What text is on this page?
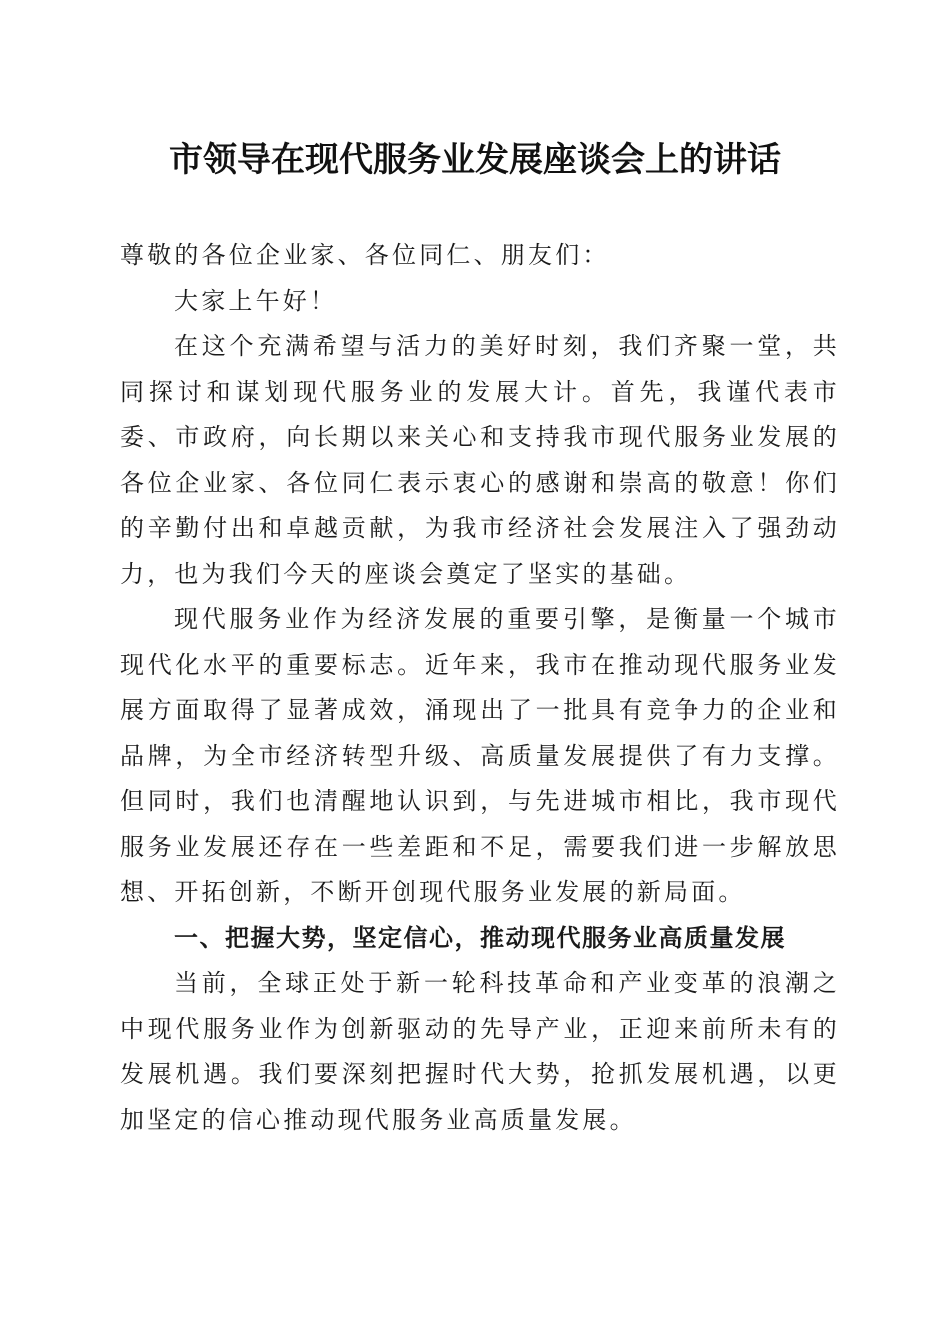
市领导在现代服务业发展座谈会上的讲话

尊敬的各位企业家、各位同仁、朋友们：

大家上午好！

在这个充满希望与活力的美好时刻，我们齐聚一堂，共同探讨和谋划现代服务业的发展大计。首先，我谨代表市委、市政府，向长期以来关心和支持我市现代服务业发展的各位企业家、各位同仁表示衷心的感谢和崇高的敬意！你们的辛勤付出和卓越贡献，为我市经济社会发展注入了强劲动力，也为我们今天的座谈会奠定了坚实的基础。

现代服务业作为经济发展的重要引擎，是衡量一个城市现代化水平的重要标志。近年来，我市在推动现代服务业发展方面取得了显著成效，涌现出了一批具有竞争力的企业和品牌，为全市经济转型升级、高质量发展提供了有力支撑。但同时，我们也清醒地认识到，与先进城市相比，我市现代服务业发展还存在一些差距和不足，需要我们进一步解放思想、开拓创新，不断开创现代服务业发展的新局面。

一、把握大势，坚定信心，推动现代服务业高质量发展

当前，全球正处于新一轮科技革命和产业变革的浪潮之中现代服务业作为创新驱动的先导产业，正迎来前所未有的发展机遇。我们要深刻把握时代大势，抢抓发展机遇，以更加坚定的信心推动现代服务业高质量发展。
